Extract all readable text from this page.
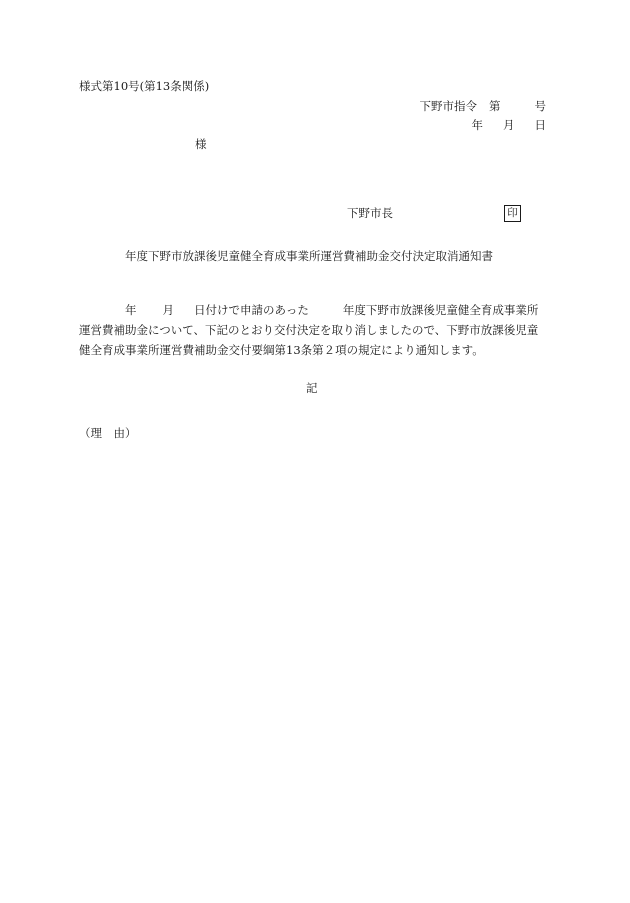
様式第10号(第13条関係)
下野市指令 第	号
年 月 日
様
下野市長	印
年度下野市放課後児童健全育成事業所運営費補助金交付決定取消通知書
年 月 日付けで申請のあった	年度下野市放課後児童健全育成事業所
運営費補助金について、下記のとおり交付決定を取り消しましたので、下野市放課後児童
健全育成事業所運営費補助金交付要綱第13条第２項の規定により通知します。
記
（理　由）
